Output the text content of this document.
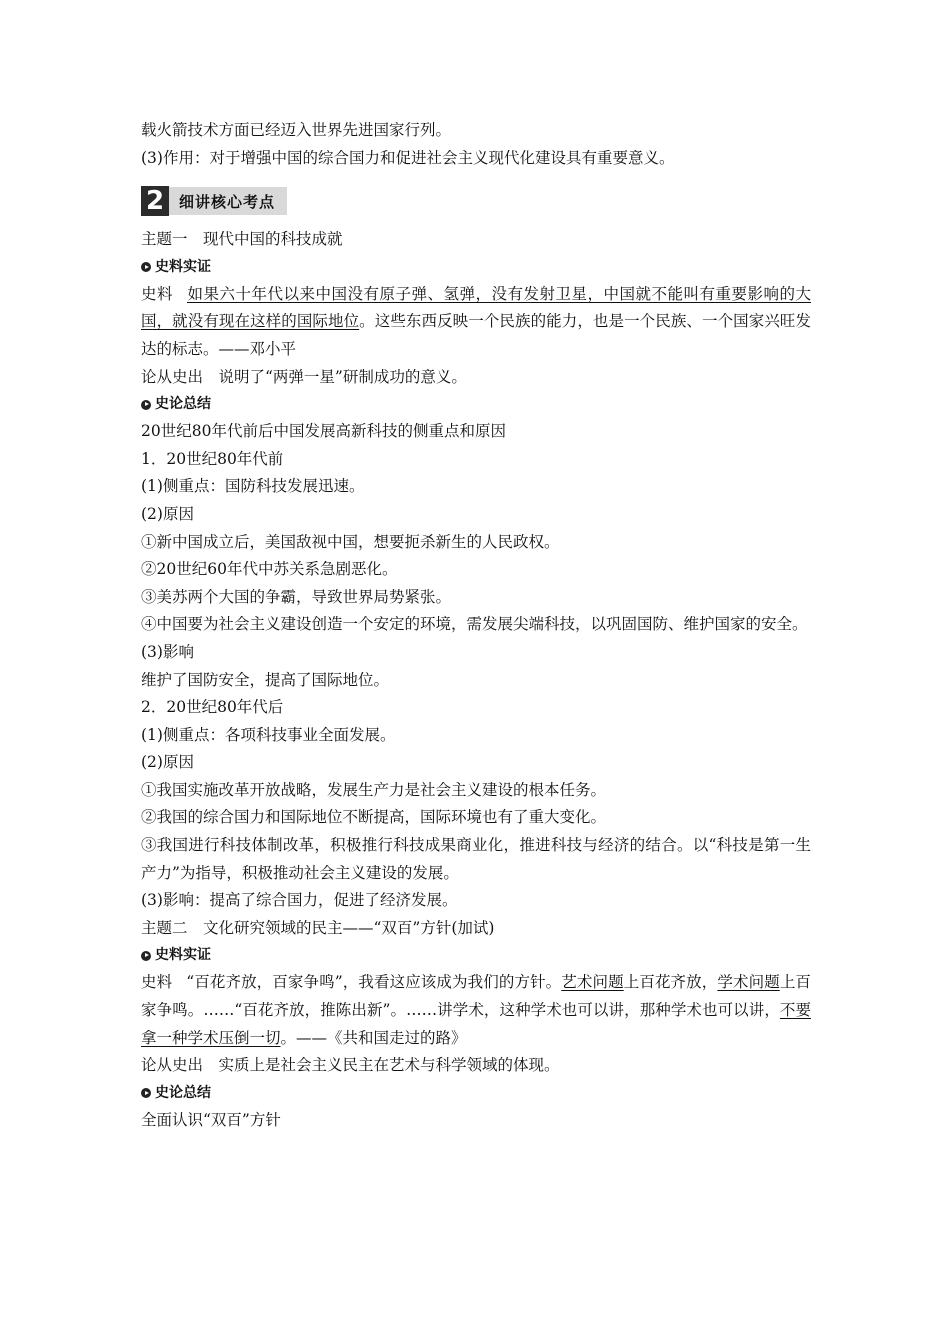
载火箭技术方面已经迈入世界先进国家行列。
(3)作用：对于增强中国的综合国力和促进社会主义现代化建设具有重要意义。
2 细讲核心考点
主题一　现代中国的科技成就
史料实证
史料 如果六十年代以来中国没有原子弹、氢弹，没有发射卫星，中国就不能叫有重要影响的大国，就没有现在这样的国际地位。这些东西反映一个民族的能力，也是一个民族、一个国家兴旺发达的标志。——邓小平
论从史出　说明了“两弹一星”研制成功的意义。
史论总结
20世纪80年代前后中国发展高新科技的侧重点和原因
1．20世纪80年代前
(1)侧重点：国防科技发展迅速。
(2)原因
①新中国成立后，美国敌视中国，想要扼杀新生的人民政权。
②20世纪60年代中苏关系急剧恶化。
③美苏两个大国的争霸，导致世界局势紧张。
④中国要为社会主义建设创造一个安定的环境，需发展尖端科技，以巩固国防、维护国家的安全。
(3)影响
维护了国防安全，提高了国际地位。
2．20世纪80年代后
(1)侧重点：各项科技事业全面发展。
(2)原因
①我国实施改革开放战略，发展生产力是社会主义建设的根本任务。
②我国的综合国力和国际地位不断提高，国际环境也有了重大变化。
③我国进行科技体制改革，积极推行科技成果商业化，推进科技与经济的结合。以“科技是第一生产力”为指导，积极推动社会主义建设的发展。
(3)影响：提高了综合国力，促进了经济发展。
主题二　文化研究领域的民主——“双百”方针(加试)
史料实证
史料 “百花齐放，百家争鸣”，我看这应该成为我们的方针。艺术问题上百花齐放，学术问题上百家争鸣。……“百花齐放，推陈出新”。……讲学术，这种学术也可以讲，那种学术也可以讲，不要拿一种学术压倒一切。——《共和国走过的路》
论从史出　实质上是社会主义民主在艺术与科学领域的体现。
史论总结
全面认识“双百”方针
